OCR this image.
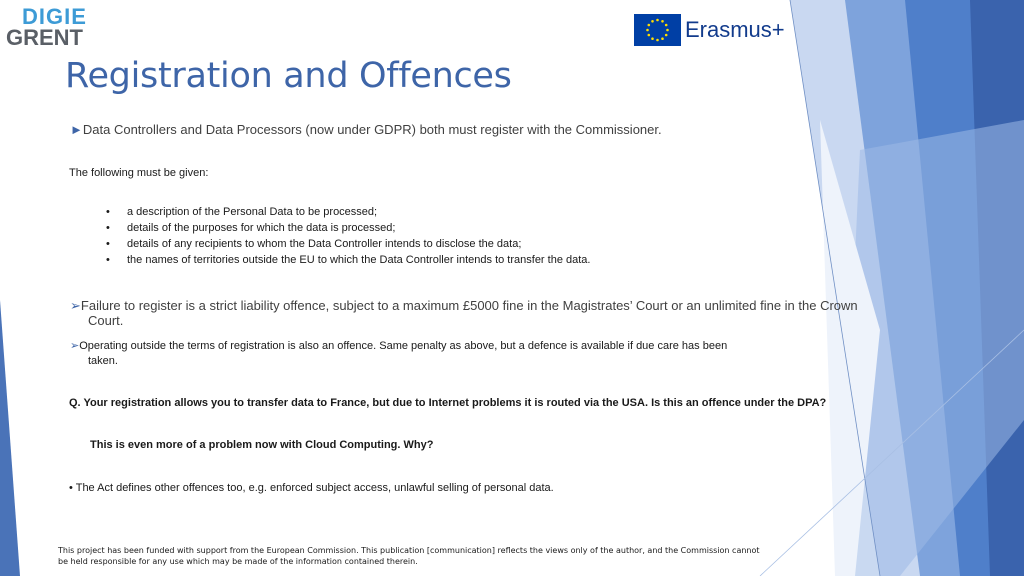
DIGIE
GRENT	Erasmus+
Registration and Offences
►Data Controllers and Data Processors (now under GDPR) both must register with the Commissioner.
The following must be given:
• a description of the Personal Data to be processed;
• details of the purposes for which the data is processed;
• details of any recipients to whom the Data Controller intends to disclose the data;
• the names of territories outside the EU to which the Data Controller intends to transfer the data.
➢Failure to register is a strict liability offence, subject to a maximum £5000 fine in the Magistrates’ Court or an unlimited fine in the Crown
Court.
➢Operating outside the terms of registration is also an offence. Same penalty as above, but a defence is available if due care has been
taken.
Q. Your registration allows you to transfer data to France, but due to Internet problems it is routed via the USA. Is this an offence under the DPA?
This is even more of a problem now with Cloud Computing. Why?
• The Act defines other offences too, e.g. enforced subject access, unlawful selling of personal data.
This project has been funded with support from the European Commission. This publication [communication] reflects the views only of the author, and the Commission cannot
be held responsible for any use which may be made of the information contained therein.
